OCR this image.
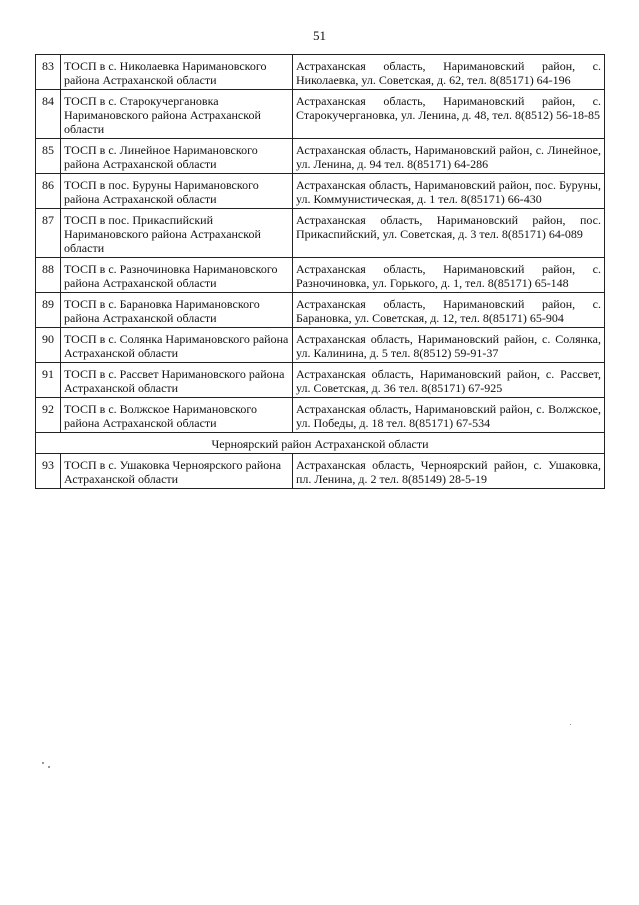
51
83	ТОСП в с. Николаевка Наримановского района Астраханской области	Астраханская область, Наримановский район, с. Николаевка, ул. Советская, д. 62, тел. 8(85171) 64-196
84	ТОСП в с. Старокучергановка Наримановского района Астраханской области	Астраханская область, Наримановский район, с. Старокучергановка, ул. Ленина, д. 48, тел. 8(8512) 56-18-85
85	ТОСП в с. Линейное Наримановского района Астраханской области	Астраханская область, Наримановский район, с. Линейное, ул. Ленина, д. 94 тел. 8(85171) 64-286
86	ТОСП в пос. Буруны Наримановского района Астраханской области	Астраханская область, Наримановский район, пос. Буруны, ул. Коммунистическая, д. 1 тел. 8(85171) 66-430
87	ТОСП в пос. Прикаспийский Наримановского района Астраханской области	Астраханская область, Наримановский район, пос. Прикаспийский, ул. Советская, д. 3 тел. 8(85171) 64-089
88	ТОСП в с. Разночиновка Наримановского района Астраханской области	Астраханская область, Наримановский район, с. Разночиновка, ул. Горького, д. 1, тел. 8(85171) 65-148
89	ТОСП в с. Барановка Наримановского района Астраханской области	Астраханская область, Наримановский район, с. Барановка, ул. Советская, д. 12, тел. 8(85171) 65-904
90	ТОСП в с. Солянка Наримановского района Астраханской области	Астраханская область, Наримановский район, с. Солянка, ул. Калинина, д. 5 тел. 8(8512) 59-91-37
91	ТОСП в с. Рассвет Наримановского района Астраханской области	Астраханская область, Наримановский район, с. Рассвет, ул. Советская, д. 36 тел. 8(85171) 67-925
92	ТОСП в с. Волжское Наримановского района Астраханской области	Астраханская область, Наримановский район, с. Волжское, ул. Победы, д. 18 тел. 8(85171) 67-534
Черноярский район Астраханской области		
93	ТОСП в с. Ушаковка Черноярского района Астраханской области	Астраханская область, Черноярский район, с. Ушаковка, пл. Ленина, д. 2 тел. 8(85149) 28-5-19
